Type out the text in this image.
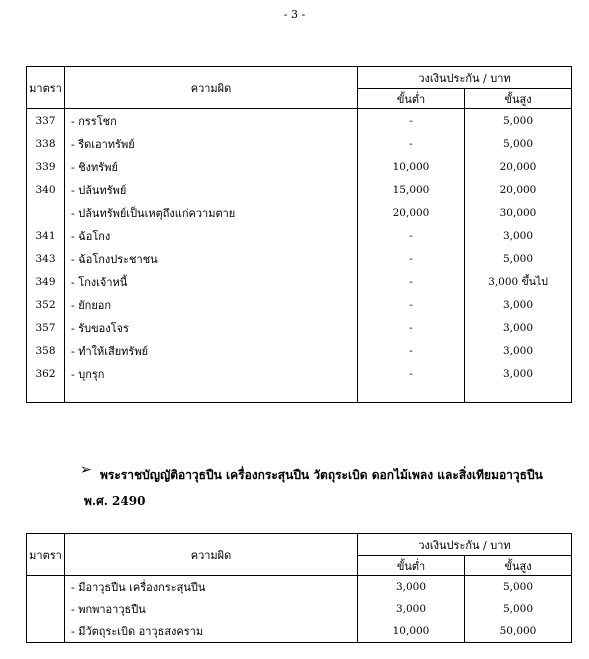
- 3 -
มาตรา	ความผิด	วงเงินประกัน / บาท	
		ขั้นต่ำ	ขั้นสูง
337	- กรรโชก	-	5,000
338	- รีดเอาทรัพย์	-	5,000
339	- ชิงทรัพย์	10,000	20,000
340	- ปล้นทรัพย์	15,000	20,000
	- ปล้นทรัพย์เป็นเหตุถึงแก่ความตาย	20,000	30,000
341	- ฉ้อโกง	-	3,000
343	- ฉ้อโกงประชาชน	-	5,000
349	- โกงเจ้าหนี้	-	3,000 ขึ้นไป
352	- ยักยอก	-	3,000
357	- รับของโจร	-	3,000
358	- ทำให้เสียทรัพย์	-	3,000
362	- บุกรุก	-	3,000

➢ พระราชบัญญัติอาวุธปืน เครื่องกระสุนปืน วัตถุระเบิด ดอกไม้เพลง และสิ่งเทียมอาวุธปืน
พ.ศ. 2490
มาตรา	ความผิด	วงเงินประกัน / บาท	
		ขั้นต่ำ	ขั้นสูง
	- มีอาวุธปืน เครื่องกระสุนปืน	3,000	5,000
	- พกพาอาวุธปืน	3,000	5,000
	- มีวัตถุระเบิด อาวุธสงคราม	10,000	50,000
